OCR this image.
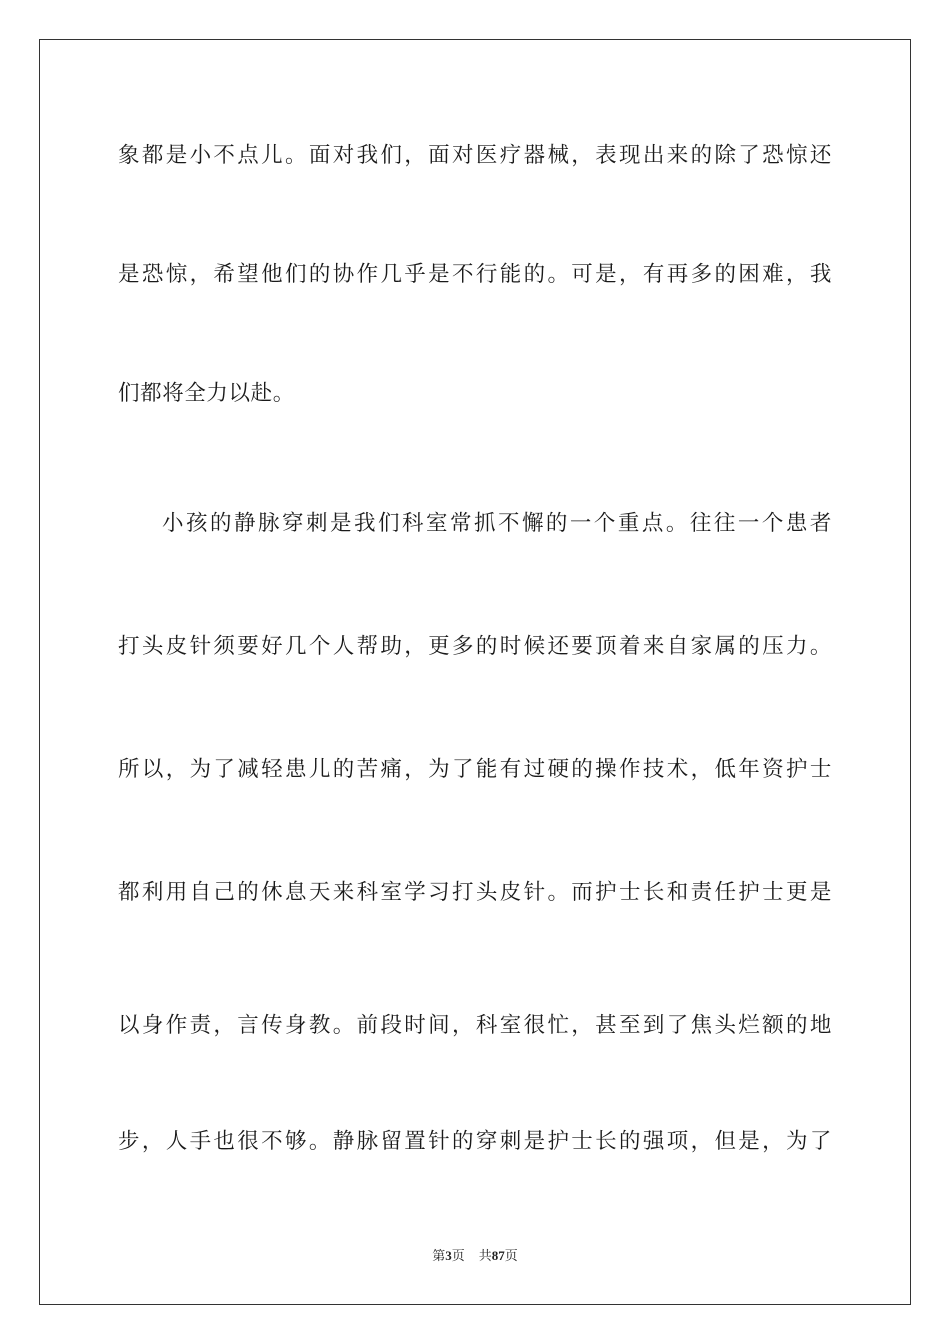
象都是小不点儿。面对我们，面对医疗器械，表现出来的除了恐惊还
是恐惊，希望他们的协作几乎是不行能的。可是，有再多的困难，我
们都将全力以赴。
小孩的静脉穿刺是我们科室常抓不懈的一个重点。往往一个患者
打头皮针须要好几个人帮助，更多的时候还要顶着来自家属的压力。
所以，为了减轻患儿的苦痛，为了能有过硬的操作技术，低年资护士
都利用自己的休息天来科室学习打头皮针。而护士长和责任护士更是
以身作责，言传身教。前段时间，科室很忙，甚至到了焦头烂额的地
步，人手也很不够。静脉留置针的穿刺是护士长的强项，但是，为了
第3页 共87页
